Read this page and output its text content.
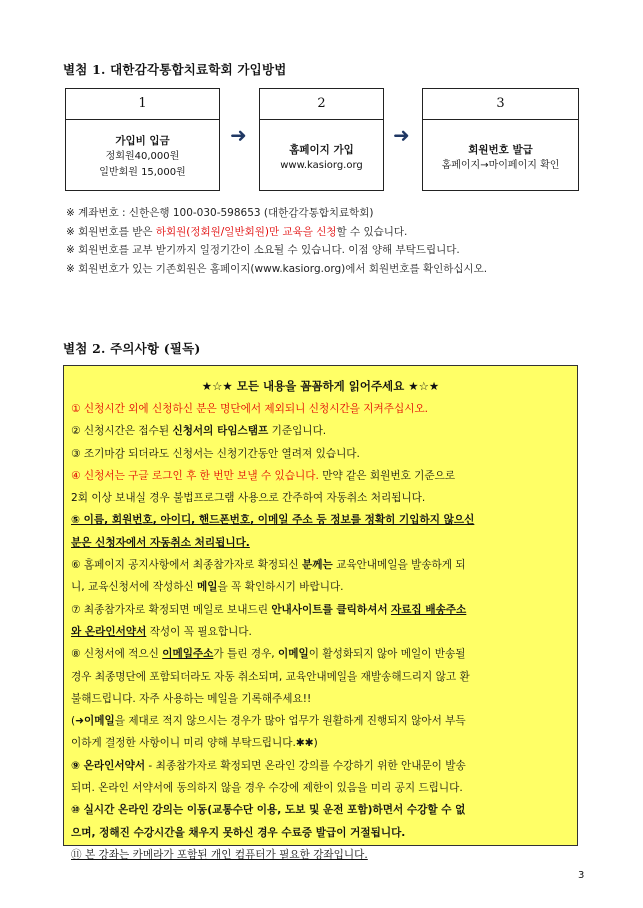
별첨 1. 대한감각통합치료학회 가입방법
1
가입비 입금
정회원40,000원
일반회원 15,000원
➜
2
홈페이지 가입
www.kasiorg.org
➜
3
회원번호 발급
홈페이지→마이페이지 확인
※ 계좌번호 : 신한은행 100-030-598653 (대한감각통합치료학회)
※ 회원번호를 받은 하회원(정회원/일반회원)만 교육을 신청할 수 있습니다.
※ 회원번호를 교부 받기까지 일정기간이 소요될 수 있습니다. 이점 양해 부탁드립니다.
※ 회원번호가 있는 기존회원은 홈페이지(www.kasiorg.org)에서 회원번호를 확인하십시오.
별첨 2. 주의사항 (필독)
★☆★ 모든 내용을 꼼꼼하게 읽어주세요 ★☆★
① 신청시간 외에 신청하신 분은 명단에서 제외되니 신청시간을 지켜주십시오.
② 신청시간은 접수된 신청서의 타임스탬프 기준입니다.
③ 조기마감 되더라도 신청서는 신청기간동안 열려져 있습니다.
④ 신청서는 구글 로그인 후 한 번만 보낼 수 있습니다. 만약 같은 회원번호 기준으로
2회 이상 보내실 경우 불법프로그램 사용으로 간주하여 자동취소 처리됩니다.
⑤ 이름, 회원번호, 아이디, 핸드폰번호, 이메일 주소 등 정보를 정확히 기입하지 않으신
분은 신청자에서 자동취소 처리됩니다.
⑥ 홈페이지 공지사항에서 최종참가자로 확정되신 분께는 교육안내메일을 발송하게 되
니, 교육신청서에 작성하신 메일을 꼭 확인하시기 바랍니다.
⑦ 최종참가자로 확정되면 메일로 보내드린 안내사이트를 클릭하셔서 자료집 배송주소
와 온라인서약서 작성이 꼭 필요합니다.
⑧ 신청서에 적으신 이메일주소가 틀린 경우, 이메일이 활성화되지 않아 메일이 반송될
경우 최종명단에 포함되더라도 자동 취소되며, 교육안내메일을 재발송해드리지 않고 환
불해드립니다. 자주 사용하는 메일을 기록해주세요!!
(➜이메일을 제대로 적지 않으시는 경우가 많아 업무가 원활하게 진행되지 않아서 부득
이하게 결정한 사항이니 미리 양해 부탁드립니다.✱✱)
⑨ 온라인서약서 - 최종참가자로 확정되면 온라인 강의를 수강하기 위한 안내문이 발송
되며. 온라인 서약서에 동의하지 않을 경우 수강에 제한이 있음을 미리 공지 드립니다.
⑩ 실시간 온라인 강의는 이동(교통수단 이용, 도보 및 운전 포함)하면서 수강할 수 없
으며, 정해진 수강시간을 채우지 못하신 경우 수료증 발급이 거절됩니다.
⑪ 본 강좌는 카메라가 포함된 개인 컴퓨터가 필요한 강좌입니다.
3
